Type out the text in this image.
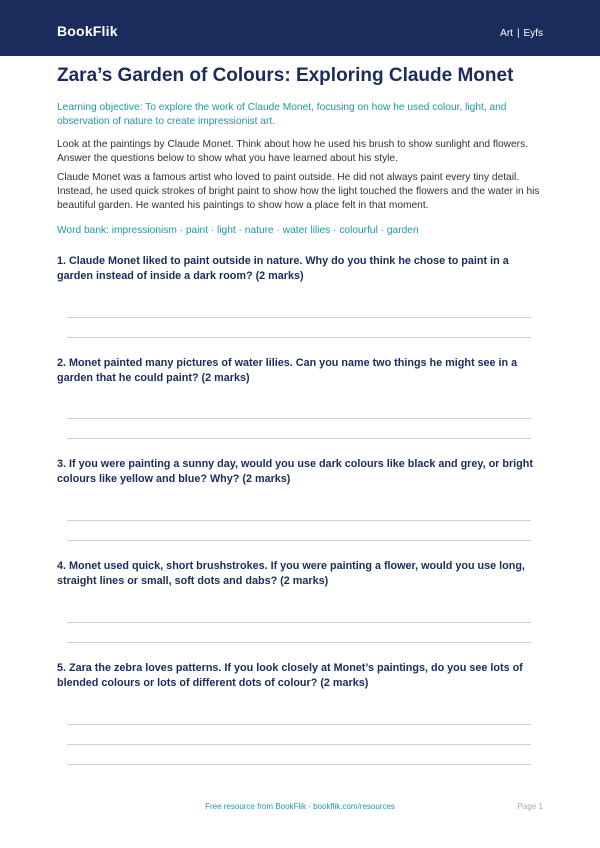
BookFlik	Art | Eyfs
Zara’s Garden of Colours: Exploring Claude Monet

Learning objective: To explore the work of Claude Monet, focusing on how he used colour, light, and observation of nature to create impressionist art.

Look at the paintings by Claude Monet. Think about how he used his brush to show sunlight and flowers. Answer the questions below to show what you have learned about his style.

Claude Monet was a famous artist who loved to paint outside. He did not always paint every tiny detail. Instead, he used quick strokes of bright paint to show how the light touched the flowers and the water in his beautiful garden. He wanted his paintings to show how a place felt in that moment.

Word bank: impressionism · paint · light · nature · water lilies · colourful · garden

1. Claude Monet liked to paint outside in nature. Why do you think he chose to paint in a garden instead of inside a dark room? (2 marks)

2. Monet painted many pictures of water lilies. Can you name two things he might see in a garden that he could paint? (2 marks)

3. If you were painting a sunny day, would you use dark colours like black and grey, or bright colours like yellow and blue? Why? (2 marks)

4. Monet used quick, short brushstrokes. If you were painting a flower, would you use long, straight lines or small, soft dots and dabs? (2 marks)

5. Zara the zebra loves patterns. If you look closely at Monet’s paintings, do you see lots of blended colours or lots of different dots of colour? (2 marks)

Free resource from BookFlik · bookflik.com/resources	Page 1
